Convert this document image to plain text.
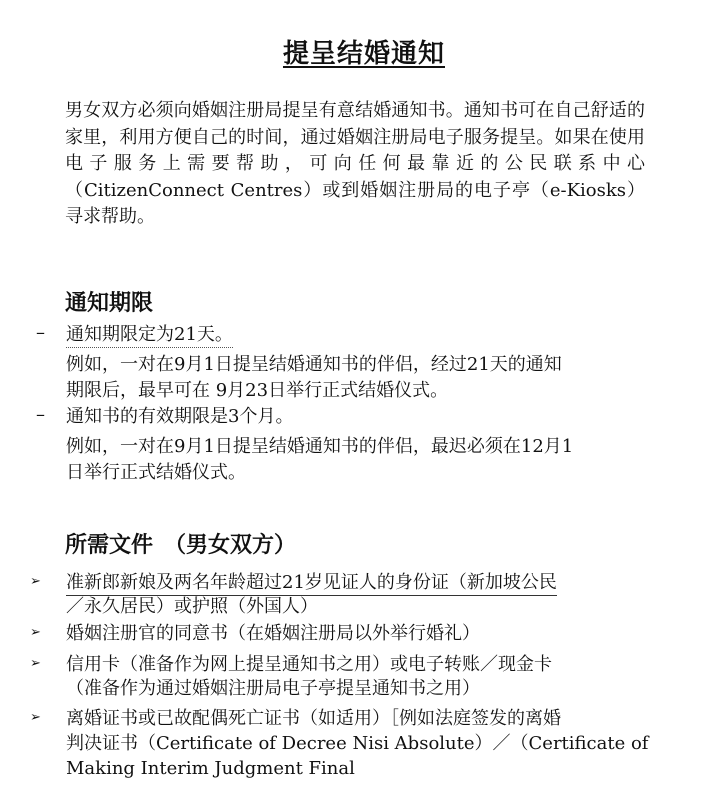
提呈结婚通知
男女双方必须向婚姻注册局提呈有意结婚通知书。通知书可在自己舒适的家里，利用方便自己的时间，通过婚姻注册局电子服务提呈。如果在使用电子服务上需要帮助，可向任何最靠近的公民联系中心（CitizenConnect Centres）或到婚姻注册局的电子亭（e-Kiosks）寻求帮助。
通知期限
– 通知期限定为21天。
例如，一对在9月1日提呈结婚通知书的伴侣，经过21天的通知
期限后，最早可在 9月23日举行正式结婚仪式。
– 通知书的有效期限是3个月。
例如，一对在9月1日提呈结婚通知书的伴侣，最迟必须在12月1
日举行正式结婚仪式。
所需文件　（男女双方）
➢ 准新郎新娘及两名年龄超过21岁见证人的身份证（新加坡公民
／永久居民）或护照（外国人）
➢ 婚姻注册官的同意书（在婚姻注册局以外举行婚礼）
➢ 信用卡（准备作为网上提呈通知书之用）或电子转账／现金卡
（准备作为通过婚姻注册局电子亭提呈通知书之用）
➢ 离婚证书或已故配偶死亡证书（如适用）［例如法庭签发的离婚
判决证书（Certificate of Decree Nisi Absolute）／（Certificate of
Making Interim Judgment Final
